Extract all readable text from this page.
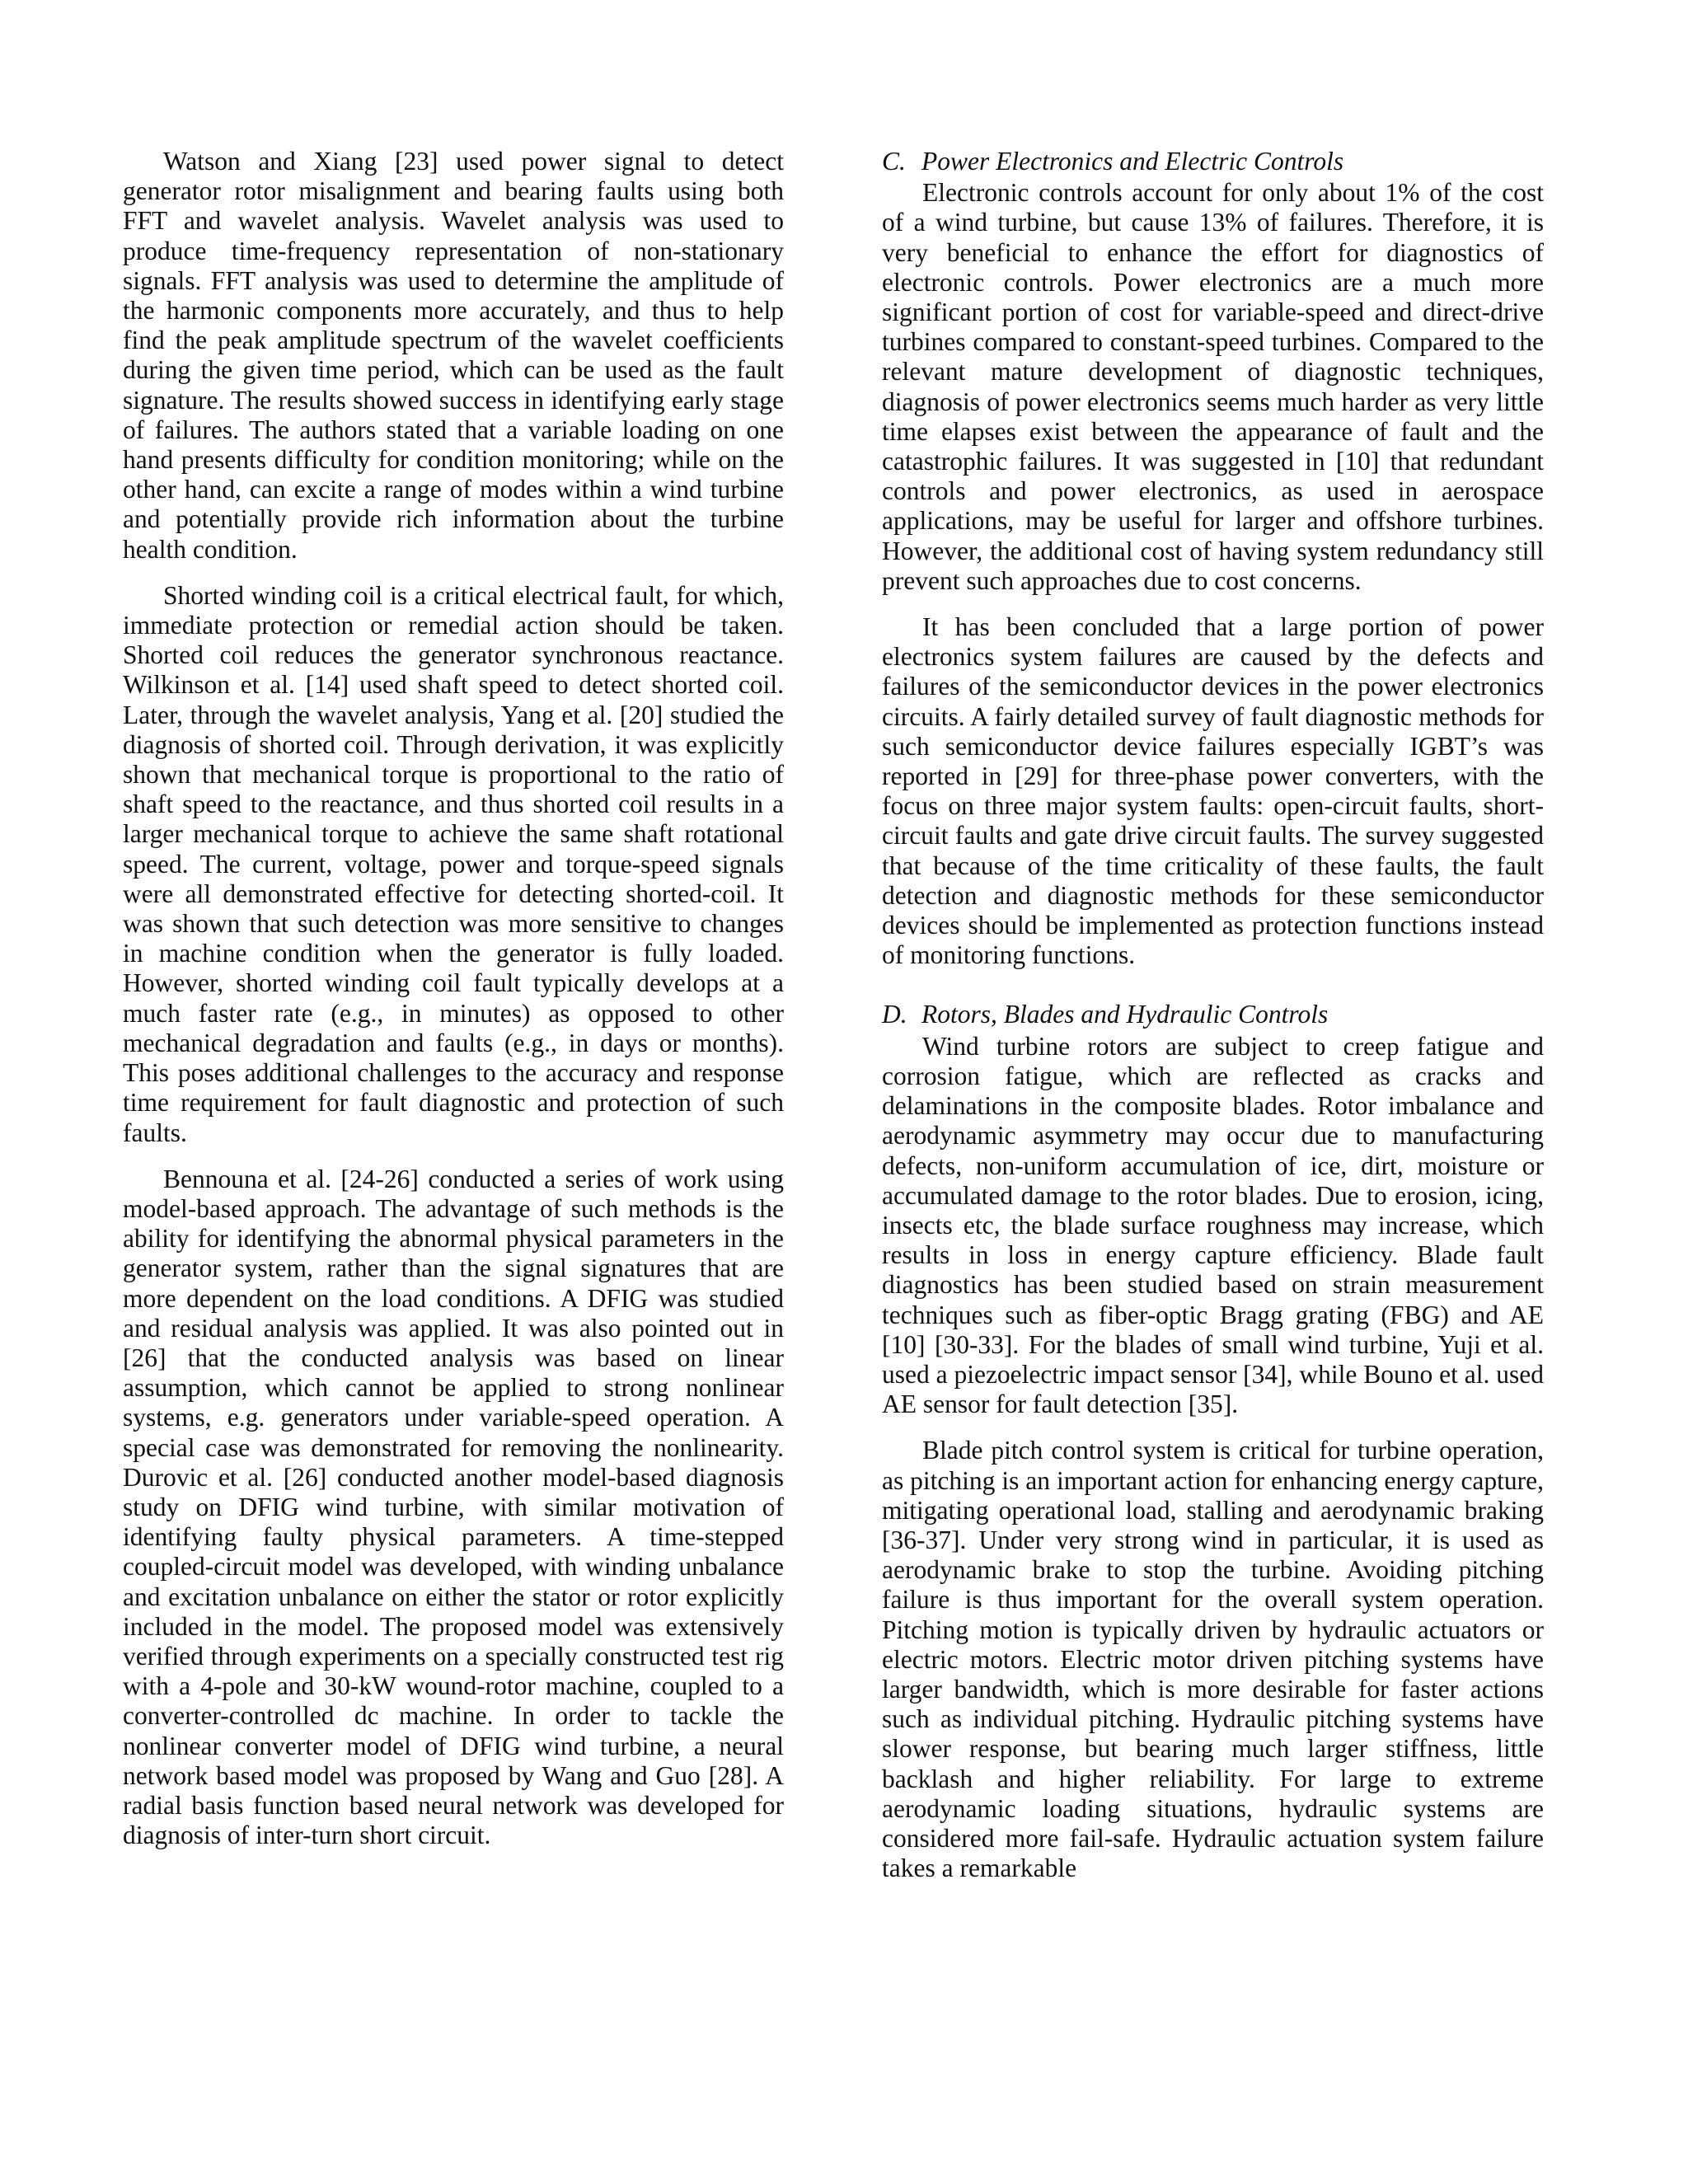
Watson and Xiang [23] used power signal to detect generator rotor misalignment and bearing faults using both FFT and wavelet analysis. Wavelet analysis was used to produce time-frequency representation of non-stationary signals. FFT analysis was used to determine the amplitude of the harmonic components more accurately, and thus to help find the peak amplitude spectrum of the wavelet coefficients during the given time period, which can be used as the fault signature. The results showed success in identifying early stage of failures. The authors stated that a variable loading on one hand presents difficulty for condition monitoring; while on the other hand, can excite a range of modes within a wind turbine and potentially provide rich information about the turbine health condition.

Shorted winding coil is a critical electrical fault, for which, immediate protection or remedial action should be taken. Shorted coil reduces the generator synchronous reactance. Wilkinson et al. [14] used shaft speed to detect shorted coil. Later, through the wavelet analysis, Yang et al. [20] studied the diagnosis of shorted coil. Through derivation, it was explicitly shown that mechanical torque is proportional to the ratio of shaft speed to the reactance, and thus shorted coil results in a larger mechanical torque to achieve the same shaft rotational speed. The current, voltage, power and torque-speed signals were all demonstrated effective for detecting shorted-coil. It was shown that such detection was more sensitive to changes in machine condition when the generator is fully loaded. However, shorted winding coil fault typically develops at a much faster rate (e.g., in minutes) as opposed to other mechanical degradation and faults (e.g., in days or months). This poses additional challenges to the accuracy and response time requirement for fault diagnostic and protection of such faults.

Bennouna et al. [24-26] conducted a series of work using model-based approach. The advantage of such methods is the ability for identifying the abnormal physical parameters in the generator system, rather than the signal signatures that are more dependent on the load conditions. A DFIG was studied and residual analysis was applied. It was also pointed out in [26] that the conducted analysis was based on linear assumption, which cannot be applied to strong nonlinear systems, e.g. generators under variable-speed operation. A special case was demonstrated for removing the nonlinearity. Durovic et al. [26] conducted another model-based diagnosis study on DFIG wind turbine, with similar motivation of identifying faulty physical parameters. A time-stepped coupled-circuit model was developed, with winding unbalance and excitation unbalance on either the stator or rotor explicitly included in the model. The proposed model was extensively verified through experiments on a specially constructed test rig with a 4-pole and 30-kW wound-rotor machine, coupled to a converter-controlled dc machine. In order to tackle the nonlinear converter model of DFIG wind turbine, a neural network based model was proposed by Wang and Guo [28]. A radial basis function based neural network was developed for diagnosis of inter-turn short circuit.

C. Power Electronics and Electric Controls

Electronic controls account for only about 1% of the cost of a wind turbine, but cause 13% of failures. Therefore, it is very beneficial to enhance the effort for diagnostics of electronic controls. Power electronics are a much more significant portion of cost for variable-speed and direct-drive turbines compared to constant-speed turbines. Compared to the relevant mature development of diagnostic techniques, diagnosis of power electronics seems much harder as very little time elapses exist between the appearance of fault and the catastrophic failures. It was suggested in [10] that redundant controls and power electronics, as used in aerospace applications, may be useful for larger and offshore turbines. However, the additional cost of having system redundancy still prevent such approaches due to cost concerns.

It has been concluded that a large portion of power electronics system failures are caused by the defects and failures of the semiconductor devices in the power electronics circuits. A fairly detailed survey of fault diagnostic methods for such semiconductor device failures especially IGBT’s was reported in [29] for three-phase power converters, with the focus on three major system faults: open-circuit faults, short-circuit faults and gate drive circuit faults. The survey suggested that because of the time criticality of these faults, the fault detection and diagnostic methods for these semiconductor devices should be implemented as protection functions instead of monitoring functions.

D. Rotors, Blades and Hydraulic Controls

Wind turbine rotors are subject to creep fatigue and corrosion fatigue, which are reflected as cracks and delaminations in the composite blades. Rotor imbalance and aerodynamic asymmetry may occur due to manufacturing defects, non-uniform accumulation of ice, dirt, moisture or accumulated damage to the rotor blades. Due to erosion, icing, insects etc, the blade surface roughness may increase, which results in loss in energy capture efficiency. Blade fault diagnostics has been studied based on strain measurement techniques such as fiber-optic Bragg grating (FBG) and AE [10] [30-33]. For the blades of small wind turbine, Yuji et al. used a piezoelectric impact sensor [34], while Bouno et al. used AE sensor for fault detection [35].

Blade pitch control system is critical for turbine operation, as pitching is an important action for enhancing energy capture, mitigating operational load, stalling and aerodynamic braking [36-37]. Under very strong wind in particular, it is used as aerodynamic brake to stop the turbine. Avoiding pitching failure is thus important for the overall system operation. Pitching motion is typically driven by hydraulic actuators or electric motors. Electric motor driven pitching systems have larger bandwidth, which is more desirable for faster actions such as individual pitching. Hydraulic pitching systems have slower response, but bearing much larger stiffness, little backlash and higher reliability. For large to extreme aerodynamic loading situations, hydraulic systems are considered more fail-safe. Hydraulic actuation system failure takes a remarkable
